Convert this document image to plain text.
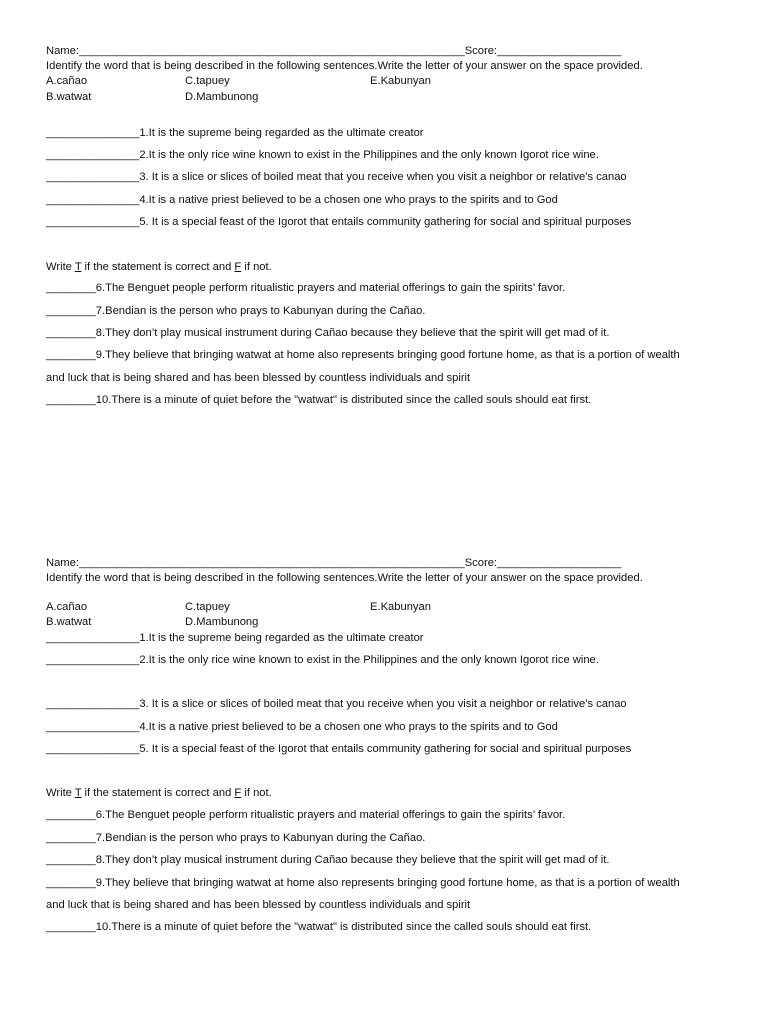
Name:______________________________________________________________Score:____________________
Identify the word that is being described in the following sentences.Write the letter of your answer on the space provided.
A.cañao	C.tapuey	E.Kabunyan
B.watwat	D.Mambunong
_______________1.It is the supreme being regarded as the ultimate creator
_______________2.It is the only rice wine known to exist in the Philippines and the only known Igorot rice wine.
_______________3. It is a slice or slices of boiled meat that you receive when you visit a neighbor or relative’s canao
_______________4.It is a native priest believed to be a chosen one who prays to the spirits and to God
_______________5. It is a special feast of the Igorot that entails community gathering for social and spiritual purposes
Write T if the statement is correct and F if not.
________6.The Benguet people perform ritualistic prayers and material offerings to gain the spirits’ favor.
________7.Bendian is the person who prays to Kabunyan during the Cañao.
________8.They don’t play musical instrument during Cañao because they believe that the spirit will get mad of it.
________9.They believe that bringing watwat at home also represents bringing good fortune home, as that is a portion of wealth
and luck that is being shared and has been blessed by countless individuals and spirit
________10.There is a minute of quiet before the "watwat" is distributed since the called souls should eat first.
Name:______________________________________________________________Score:____________________
Identify the word that is being described in the following sentences.Write the letter of your answer on the space provided.
A.cañao	C.tapuey	E.Kabunyan
B.watwat	D.Mambunong
_______________1.It is the supreme being regarded as the ultimate creator
_______________2.It is the only rice wine known to exist in the Philippines and the only known Igorot rice wine.
_______________3. It is a slice or slices of boiled meat that you receive when you visit a neighbor or relative’s canao
_______________4.It is a native priest believed to be a chosen one who prays to the spirits and to God
_______________5. It is a special feast of the Igorot that entails community gathering for social and spiritual purposes
Write T if the statement is correct and F if not.
________6.The Benguet people perform ritualistic prayers and material offerings to gain the spirits’ favor.
________7.Bendian is the person who prays to Kabunyan during the Cañao.
________8.They don’t play musical instrument during Cañao because they believe that the spirit will get mad of it.
________9.They believe that bringing watwat at home also represents bringing good fortune home, as that is a portion of wealth
and luck that is being shared and has been blessed by countless individuals and spirit
________10.There is a minute of quiet before the "watwat" is distributed since the called souls should eat first.
